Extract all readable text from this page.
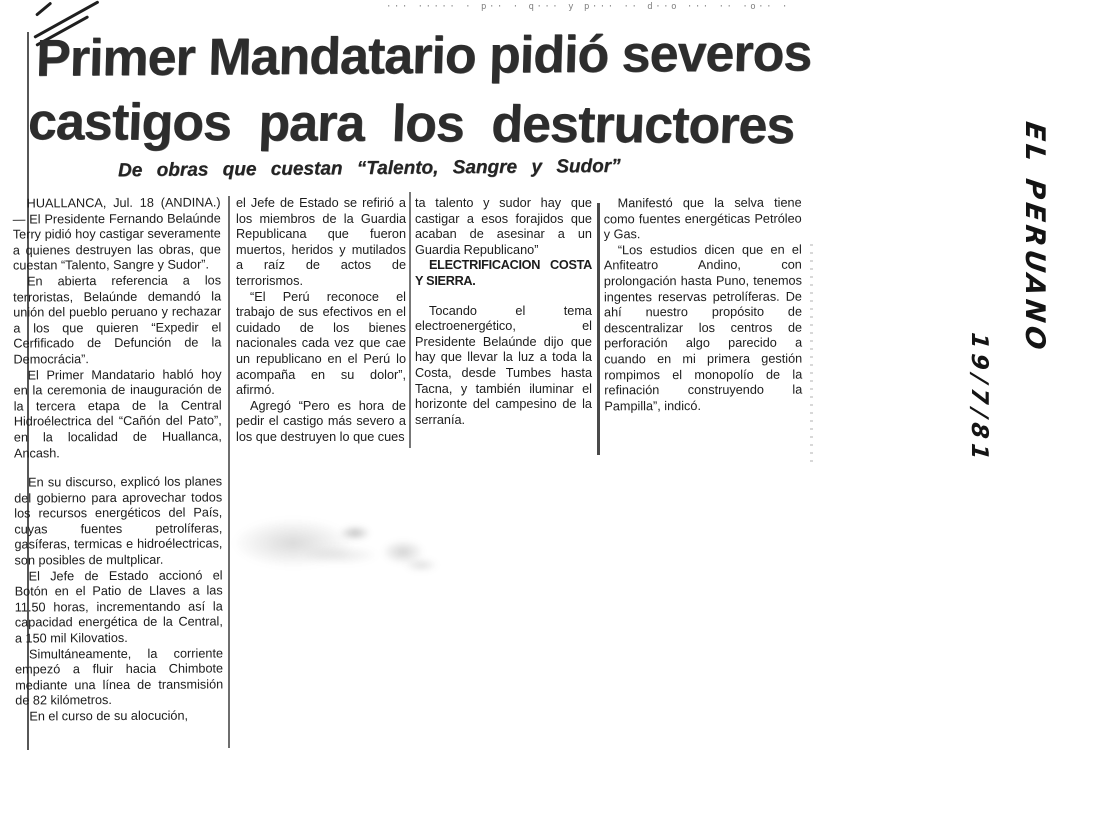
··· ····· · p·· · q··· y p··· ·· d··o ··· ·· ·o·· ·
Primer Mandatario pidió severos
castigos para los destructores
De obras que cuestan “Talento, Sangre y Sudor”

HUALLANCA, Jul. 18 (ANDINA.)— El Presidente Fernando Belaúnde Terry pidió hoy castigar severamente a quienes destruyen las obras, que cuestan “Talento, Sangre y Sudor”.

En abierta referencia a los terroristas, Belaúnde demandó la unión del pueblo peruano y rechazar a los que quieren “Expedir el Cerfificado de Defunción de la Democrácia”.

El Primer Mandatario habló hoy en la ceremonia de inauguración de la tercera etapa de la Central Hidroélectrica del “Cañón del Pato”, en la localidad de Huallanca, Ancash.

En su discurso, explicó los planes del gobierno para aprovechar todos los recursos energéticos del País, cuyas fuentes petrolíferas, gasíferas, termicas e hidroélectricas, son posibles de multplicar.

El Jefe de Estado accionó el Botón en el Patio de Llaves a las 11.50 horas, incrementando así la capacidad energética de la Central, a 150 mil Kilovatios.

Simultáneamente, la corriente empezó a fluir hacia Chimbote mediante una línea de transmisión de 82 kilómetros.

En el curso de su alocución,

el Jefe de Estado se refirió a los miembros de la Guardia Republicana que fueron muertos, heridos y mutilados a raíz de actos de terrorismos.

“El Perú reconoce el trabajo de sus efectivos en el cuidado de los bienes nacionales cada vez que cae un republicano en el Perú lo acompaña en su dolor”, afirmó.

Agregó “Pero es hora de pedir el castigo más severo a los que destruyen lo que cues

ta talento y sudor hay que castigar a esos forajidos que acaban de asesinar a un Guardia Republicano”

ELECTRIFICACION COSTA Y SIERRA.

Tocando el tema electroenergético, el Presidente Belaúnde dijo que hay que llevar la luz a toda la Costa, desde Tumbes hasta Tacna, y también iluminar el horizonte del campesino de la serranía.

Manifestó que la selva tiene como fuentes energéticas Petróleo y Gas.

“Los estudios dicen que en el Anfiteatro Andino, con prolongación hasta Puno, tenemos ingentes reservas petrolíferas. De ahí nuestro propósito de descentralizar los centros de perforación algo parecido a cuando en mi primera gestión rompimos el monopolío de la refinación construyendo la Pampilla”, indicó.

EL PERUANO
19/7/81
